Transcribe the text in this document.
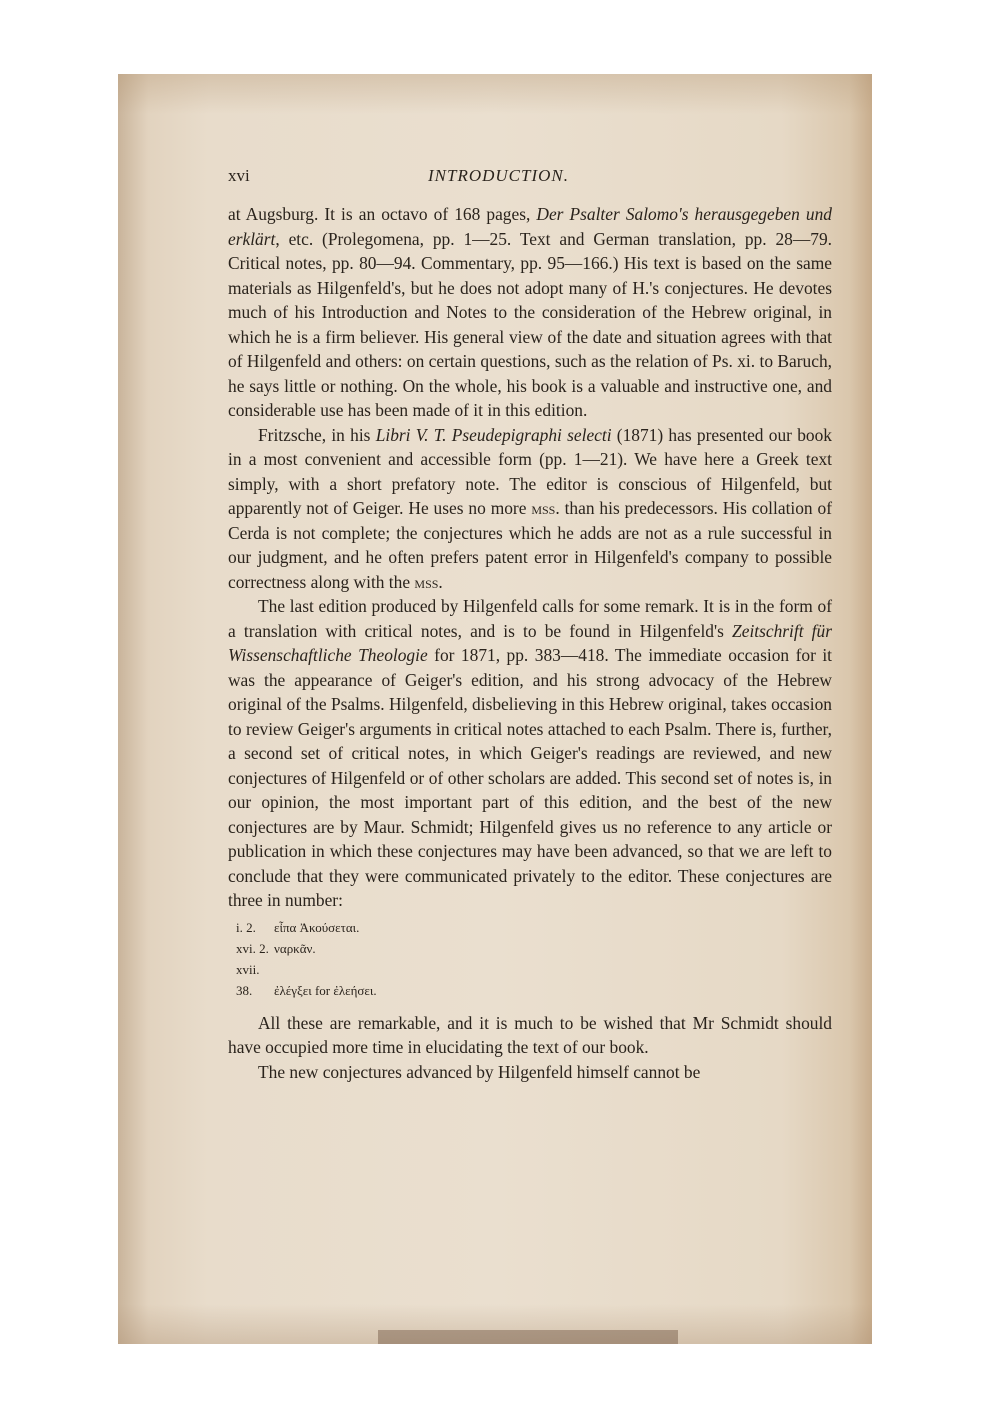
xvi	INTRODUCTION.

at Augsburg. It is an octavo of 168 pages, Der Psalter Salomo's herausgegeben und erklärt, etc. (Prolegomena, pp. 1—25. Text and German translation, pp. 28—79. Critical notes, pp. 80—94. Commentary, pp. 95—166.) His text is based on the same materials as Hilgenfeld's, but he does not adopt many of H.'s conjectures. He devotes much of his Introduction and Notes to the consideration of the Hebrew original, in which he is a firm believer. His general view of the date and situation agrees with that of Hilgenfeld and others: on certain questions, such as the relation of Ps. xi. to Baruch, he says little or nothing. On the whole, his book is a valuable and instructive one, and considerable use has been made of it in this edition.

Fritzsche, in his Libri V. T. Pseudepigraphi selecti (1871) has presented our book in a most convenient and accessible form (pp. 1—21). We have here a Greek text simply, with a short prefatory note. The editor is conscious of Hilgenfeld, but apparently not of Geiger. He uses no more mss. than his predecessors. His collation of Cerda is not complete; the conjectures which he adds are not as a rule successful in our judgment, and he often prefers patent error in Hilgenfeld's company to possible correctness along with the mss.

The last edition produced by Hilgenfeld calls for some remark. It is in the form of a translation with critical notes, and is to be found in Hilgenfeld's Zeitschrift für Wissenschaftliche Theologie for 1871, pp. 383—418. The immediate occasion for it was the appearance of Geiger's edition, and his strong advocacy of the Hebrew original of the Psalms. Hilgenfeld, disbelieving in this Hebrew original, takes occasion to review Geiger's arguments in critical notes attached to each Psalm. There is, further, a second set of critical notes, in which Geiger's readings are reviewed, and new conjectures of Hilgenfeld or of other scholars are added. This second set of notes is, in our opinion, the most important part of this edition, and the best of the new conjectures are by Maur. Schmidt; Hilgenfeld gives us no reference to any article or publication in which these conjectures may have been advanced, so that we are left to conclude that they were communicated privately to the editor. These conjectures are three in number:

i. 2. εἶπα Ἀκούσεται.
xvi. 2. ναρκᾶν.
xvii. 38. ἐλέγξει for ἐλεήσει.

All these are remarkable, and it is much to be wished that Mr Schmidt should have occupied more time in elucidating the text of our book.

The new conjectures advanced by Hilgenfeld himself cannot be
